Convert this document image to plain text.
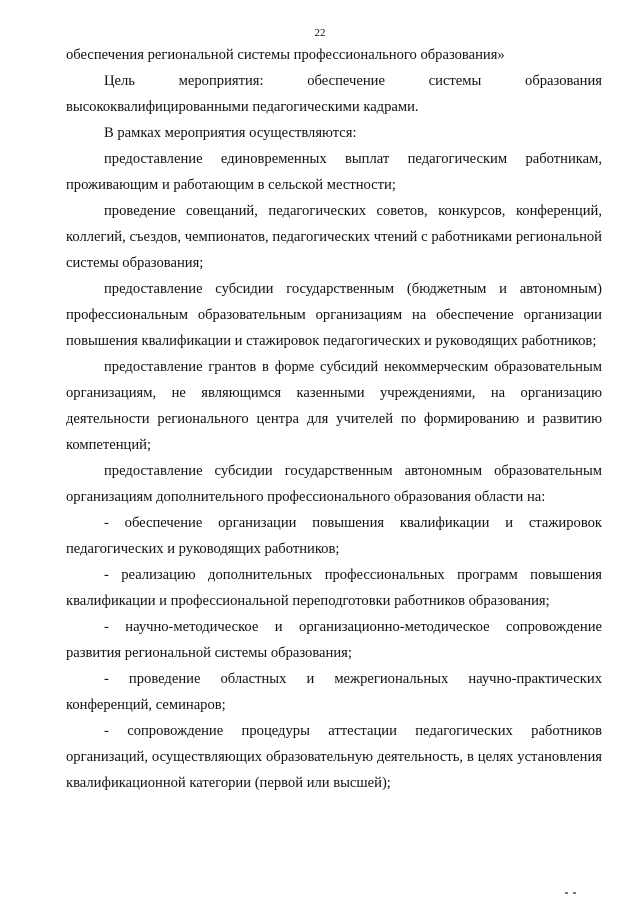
22

обеспечения региональной системы профессионального образования»

Цель мероприятия: обеспечение системы образования высококвалифицированными педагогическими кадрами.

В рамках мероприятия осуществляются:

предоставление единовременных выплат педагогическим работникам, проживающим и работающим в сельской местности;

проведение совещаний, педагогических советов, конкурсов, конференций, коллегий, съездов, чемпионатов, педагогических чтений с работниками региональной системы образования;

предоставление субсидии государственным (бюджетным и автономным) профессиональным образовательным организациям на обеспечение организации повышения квалификации и стажировок педагогических и руководящих работников;

предоставление грантов в форме субсидий некоммерческим образовательным организациям, не являющимся казенными учреждениями, на организацию деятельности регионального центра для учителей по формированию и развитию компетенций;

предоставление субсидии государственным автономным образовательным организациям дополнительного профессионального образования области на:

- обеспечение организации повышения квалификации и стажировок педагогических и руководящих работников;

- реализацию дополнительных профессиональных программ повышения квалификации и профессиональной переподготовки работников образования;

- научно-методическое и организационно-методическое сопровождение развития региональной системы образования;

- проведение областных и межрегиональных научно-практических конференций, семинаров;

- сопровождение процедуры аттестации педагогических работников организаций, осуществляющих образовательную деятельность, в целях установления квалификационной категории (первой или высшей);
